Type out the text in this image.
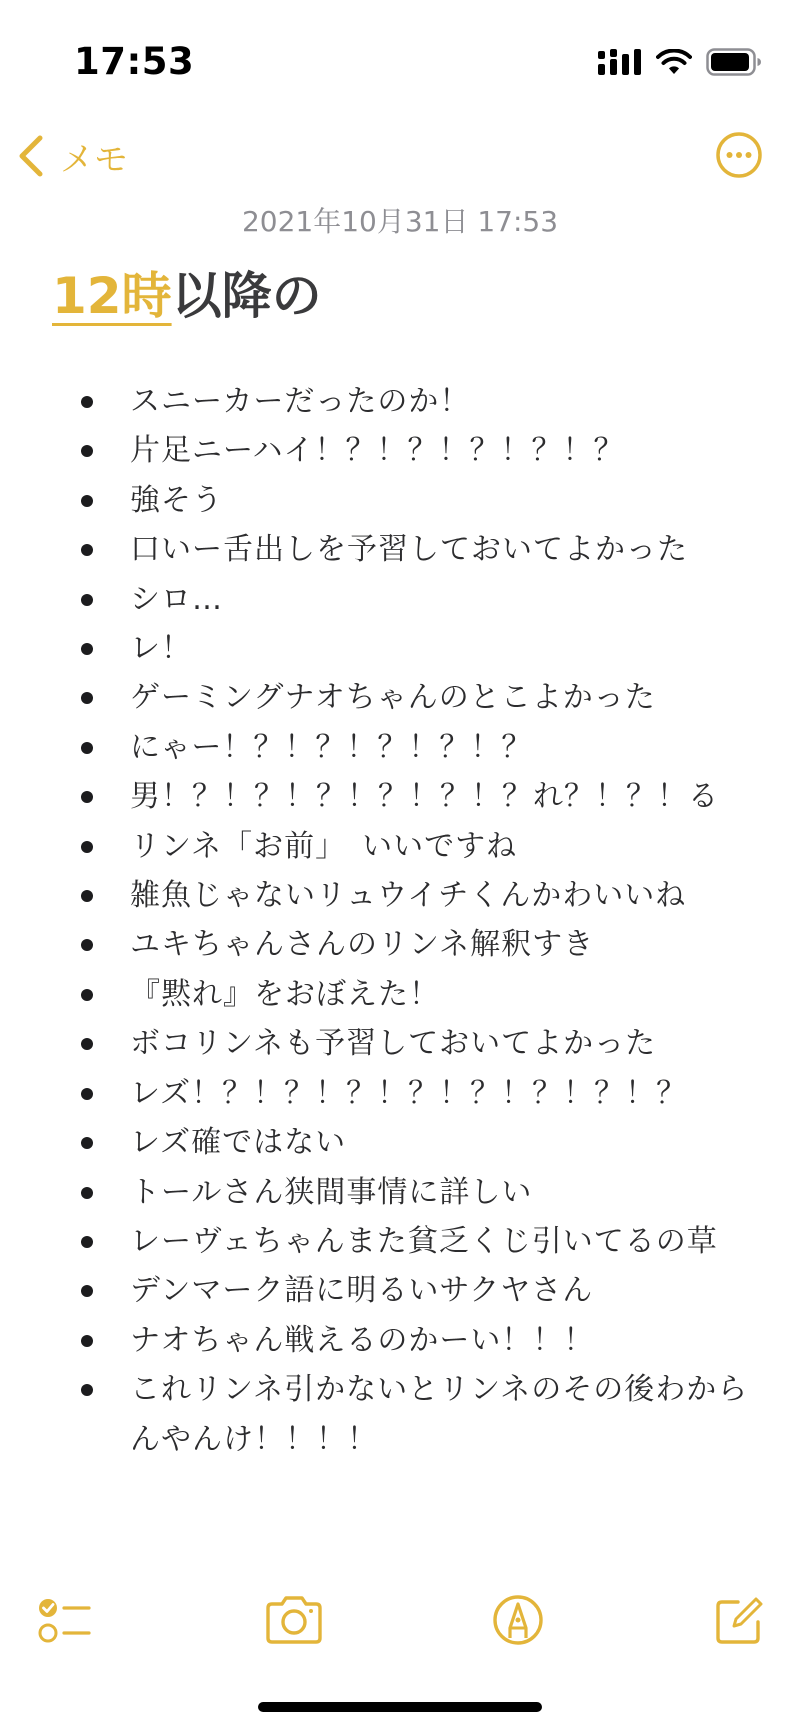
17:53
メモ
2021年10月31日 17:53
12時以降の
スニーカーだったのか！
片足ニーハイ！？！？！？！？！？
強そう
口いー舌出しを予習しておいてよかった
シロ…
レ！
ゲーミングナオちゃんのとこよかった
にゃー！？！？！？！？！？
男！？！？！？！？！？！？れ？！？！る
リンネ「お前」　いいですね
雑魚じゃないリュウイチくんかわいいね
ユキちゃんさんのリンネ解釈すき
『黙れ』をおぼえた！
ボコリンネも予習しておいてよかった
レズ！？！？！？！？！？！？！？！？
レズ確ではない
トールさん狭間事情に詳しい
レーヴェちゃんまた貧乏くじ引いてるの草
デンマーク語に明るいサクヤさん
ナオちゃん戦えるのかーい！！！
これリンネ引かないとリンネのその後わからんやんけ！！！！
